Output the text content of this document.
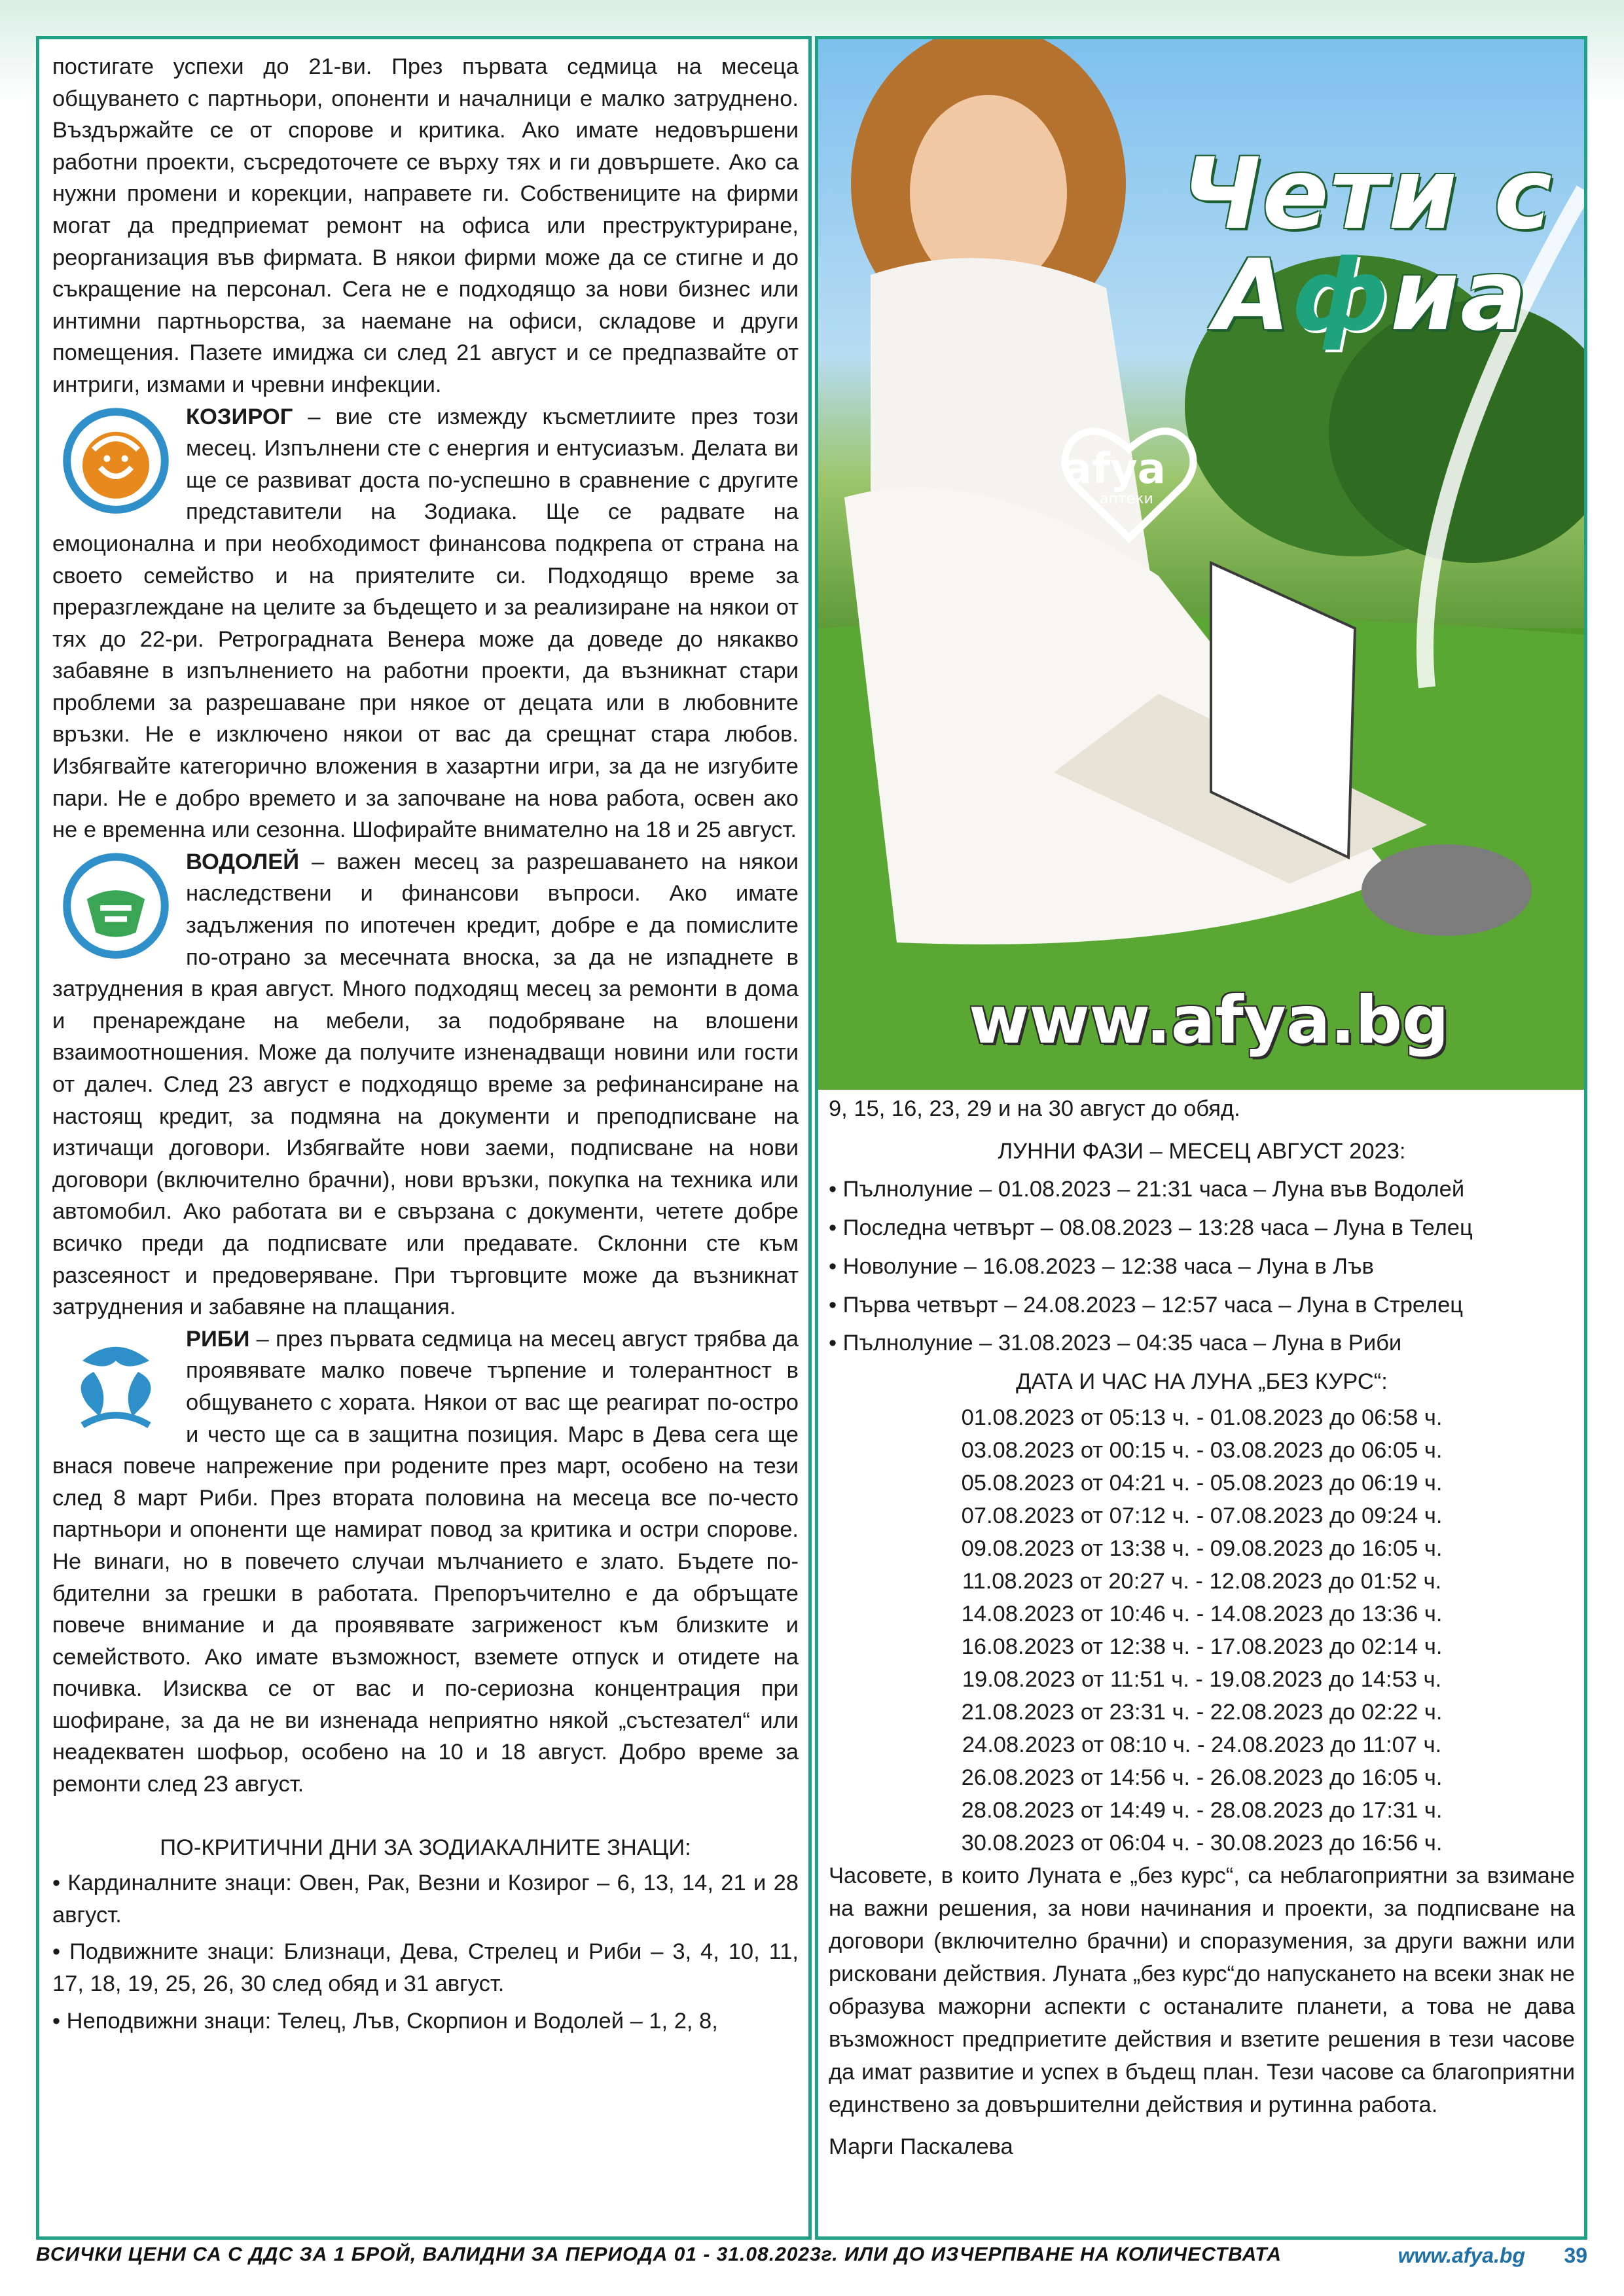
постигате успехи до 21-ви. През първата седмица на месеца общуването с партньори, опоненти и началници е малко затруднено. Въздържайте се от спорове и критика. Ако имате недовършени работни проекти, съсредоточете се върху тях и ги довършете. Ако са нужни промени и корекции, направете ги. Собствениците на фирми могат да предприемат ремонт на офиса или преструктуриране, реорганизация във фирмата. В някои фирми може да се стигне и до съкращение на персонал. Сега не е подходящо за нови бизнес или интимни партньорства, за наемане на офиси, складове и други помещения. Пазете имиджа си след 21 август и се предпазвайте от интриги, измами и чревни инфекции.

КОЗИРОГ – вие сте измежду късметлиите през този месец. Изпълнени сте с енергия и ентусиазъм. Делата ви ще се развиват доста по-успешно в сравнение с другите представители на Зодиака. Ще се радвате на емоционална и при необходимост финансова подкрепа от страна на своето семейство и на приятелите си. Подходящо време за преразглеждане на целите за бъдещето и за реализиране на някои от тях до 22-ри. Ретроградната Венера може да доведе до някакво забавяне в изпълнението на работни проекти, да възникнат стари проблеми за разрешаване при някое от децата или в любовните връзки. Не е изключено някои от вас да срещнат стара любов. Избягвайте категорично вложения в хазартни игри, за да не изгубите пари. Не е добро времето и за започване на нова работа, освен ако не е временна или сезонна. Шофирайте внимателно на 18 и 25 август.

ВОДОЛЕЙ – важен месец за разрешаването на някои наследствени и финансови въпроси. Ако имате задължения по ипотечен кредит, добре е да помислите по-отрано за месечната вноска, за да не изпаднете в затруднения в края август. Много подходящ месец за ремонти в дома и пренареждане на мебели, за подобряване на влошени взаимоотношения. Може да получите изненадващи новини или гости от далеч. След 23 август е подходящо време за рефинансиране на настоящ кредит, за подмяна на документи и преподписване на изтичащи договори. Избягвайте нови заеми, подписване на нови договори (включително брачни), нови връзки, покупка на техника или автомобил. Ако работата ви е свързана с документи, четете добре всичко преди да подписвате или предавате. Склонни сте към разсеяност и предоверяване. При търговците може да възникнат затруднения и забавяне на плащания.

РИБИ – през първата седмица на месец август трябва да проявявате малко повече търпение и толерантност в общуването с хората. Някои от вас ще реагират по-остро и често ще са в защитна позиция. Марс в Дева сега ще внася повече напрежение при родените през март, особено на тези след 8 март Риби. През втората половина на месеца все по-често партньори и опоненти ще намират повод за критика и остри спорове. Не винаги, но в повечето случаи мълчанието е злато. Бъдете по-бдителни за грешки в работата. Препоръчително е да обръщате повече внимание и да проявявате загриженост към близките и семейството. Ако имате възможност, вземете отпуск и отидете на почивка. Изисква се от вас и по-сериозна концентрация при шофиране, за да не ви изненада неприятно някой „състезател“ или неадекватен шофьор, особено на 10 и 18 август. Добро време за ремонти след 23 август.

ПО-КРИТИЧНИ ДНИ ЗА ЗОДИАКАЛНИТЕ ЗНАЦИ:

• Кардиналните знаци: Овен, Рак, Везни и Козирог – 6, 13, 14, 21 и 28 август.

• Подвижните знаци: Близнаци, Дева, Стрелец и Риби – 3, 4, 10, 11, 17, 18, 19, 25, 26, 30 след обяд и 31 август.

• Неподвижни знаци: Телец, Лъв, Скорпион и Водолей – 1, 2, 8,

Чети с
Афиа
afya
аптеки
www.afya.bg

9, 15, 16, 23, 29 и на 30 август до обяд.

ЛУННИ ФАЗИ – МЕСЕЦ АВГУСТ 2023:

• Пълнолуние – 01.08.2023 – 21:31 часа – Луна във Водолей

• Последна четвърт – 08.08.2023 – 13:28 часа – Луна в Телец

• Новолуние – 16.08.2023 – 12:38 часа – Луна в Лъв

• Първа четвърт – 24.08.2023 – 12:57 часа – Луна в Стрелец

• Пълнолуние – 31.08.2023 – 04:35 часа – Луна в Риби

ДАТА И ЧАС НА ЛУНА „БЕЗ КУРС“:

01.08.2023 от 05:13 ч. - 01.08.2023 до 06:58 ч.

03.08.2023 от 00:15 ч. - 03.08.2023 до 06:05 ч.

05.08.2023 от 04:21 ч. - 05.08.2023 до 06:19 ч.

07.08.2023 от 07:12 ч. - 07.08.2023 до 09:24 ч.

09.08.2023 от 13:38 ч. - 09.08.2023 до 16:05 ч.

11.08.2023 от 20:27 ч. - 12.08.2023 до 01:52 ч.

14.08.2023 от 10:46 ч. - 14.08.2023 до 13:36 ч.

16.08.2023 от 12:38 ч. - 17.08.2023 до 02:14 ч.

19.08.2023 от 11:51 ч. - 19.08.2023 до 14:53 ч.

21.08.2023 от 23:31 ч. - 22.08.2023 до 02:22 ч.

24.08.2023 от 08:10 ч. - 24.08.2023 до 11:07 ч.

26.08.2023 от 14:56 ч. - 26.08.2023 до 16:05 ч.

28.08.2023 от 14:49 ч. - 28.08.2023 до 17:31 ч.

30.08.2023 от 06:04 ч. - 30.08.2023 до 16:56 ч.

Часовете, в които Луната е „без курс“, са неблагоприятни за взимане на важни решения, за нови начинания и проекти, за подписване на договори (включително брачни) и споразумения, за други важни или рисковани действия. Луната „без курс“до напускането на всеки знак не образува мажорни аспекти с останалите планети, а това не дава възможност предприетите действия и взетите решения в тези часове да имат развитие и успех в бъдещ план. Тези часове са благоприятни единствено за довършителни действия и рутинна работа.

Марги Паскалева

ВСИЧКИ ЦЕНИ СА С ДДС ЗА 1 БРОЙ, ВАЛИДНИ ЗА ПЕРИОДА 01 - 31.08.2023г. ИЛИ ДО ИЗЧЕРПВАНЕ НА КОЛИЧЕСТВАТА	www.afya.bg 39
